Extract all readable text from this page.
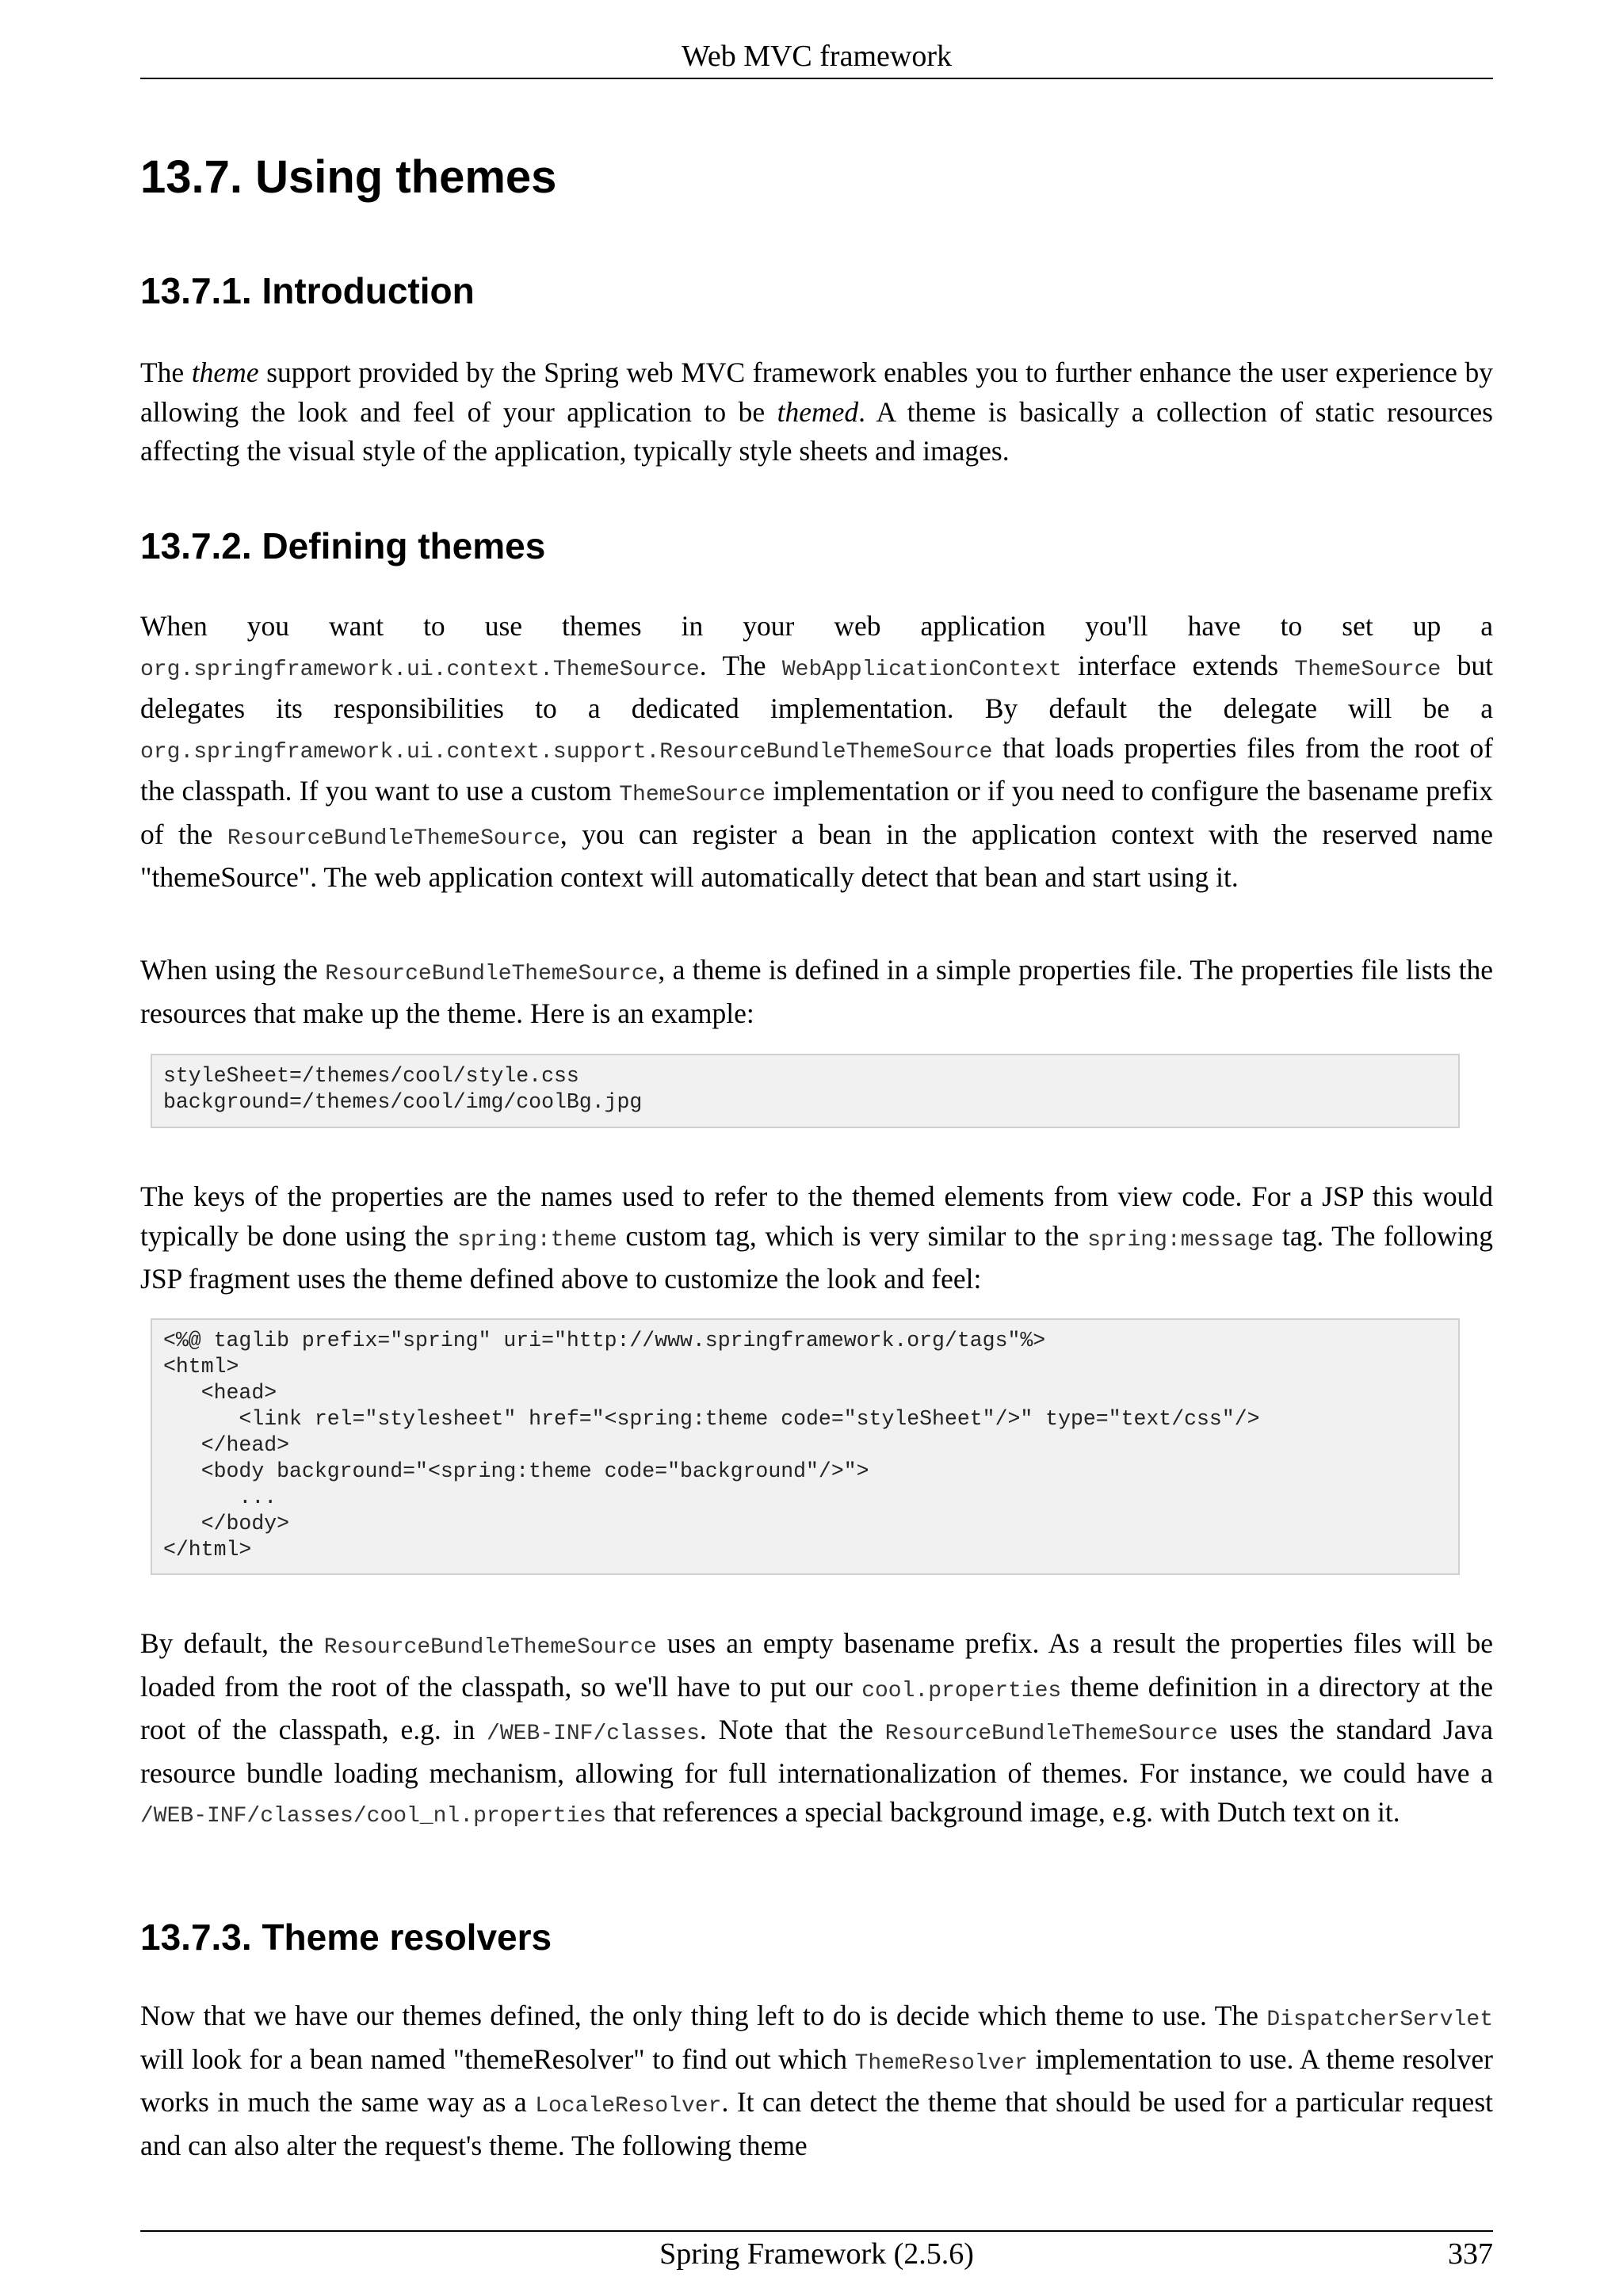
Web MVC framework
13.7. Using themes
13.7.1. Introduction

The theme support provided by the Spring web MVC framework enables you to further enhance the user experience by allowing the look and feel of your application to be themed. A theme is basically a collection of static resources affecting the visual style of the application, typically style sheets and images.

13.7.2. Defining themes

When you want to use themes in your web application you'll have to set up a org.springframework.ui.context.ThemeSource. The WebApplicationContext interface extends ThemeSource but delegates its responsibilities to a dedicated implementation. By default the delegate will be a org.springframework.ui.context.support.ResourceBundleThemeSource that loads properties files from the root of the classpath. If you want to use a custom ThemeSource implementation or if you need to configure the basename prefix of the ResourceBundleThemeSource, you can register a bean in the application context with the reserved name "themeSource". The web application context will automatically detect that bean and start using it.

When using the ResourceBundleThemeSource, a theme is defined in a simple properties file. The properties file lists the resources that make up the theme. Here is an example:

styleSheet=/themes/cool/style.css
background=/themes/cool/img/coolBg.jpg

The keys of the properties are the names used to refer to the themed elements from view code. For a JSP this would typically be done using the spring:theme custom tag, which is very similar to the spring:message tag. The following JSP fragment uses the theme defined above to customize the look and feel:

<%@ taglib prefix="spring" uri="http://www.springframework.org/tags"%>
<html>
<head>
<link rel="stylesheet" href="<spring:theme code="styleSheet"/>" type="text/css"/>
</head>
<body background="<spring:theme code="background"/>">
...
</body>
</html>

By default, the ResourceBundleThemeSource uses an empty basename prefix. As a result the properties files will be loaded from the root of the classpath, so we'll have to put our cool.properties theme definition in a directory at the root of the classpath, e.g. in /WEB-INF/classes. Note that the ResourceBundleThemeSource uses the standard Java resource bundle loading mechanism, allowing for full internationalization of themes. For instance, we could have a /WEB-INF/classes/cool_nl.properties that references a special background image, e.g. with Dutch text on it.

13.7.3. Theme resolvers

Now that we have our themes defined, the only thing left to do is decide which theme to use. The DispatcherServlet will look for a bean named "themeResolver" to find out which ThemeResolver implementation to use. A theme resolver works in much the same way as a LocaleResolver. It can detect the theme that should be used for a particular request and can also alter the request's theme. The following theme

Spring Framework (2.5.6)	337
